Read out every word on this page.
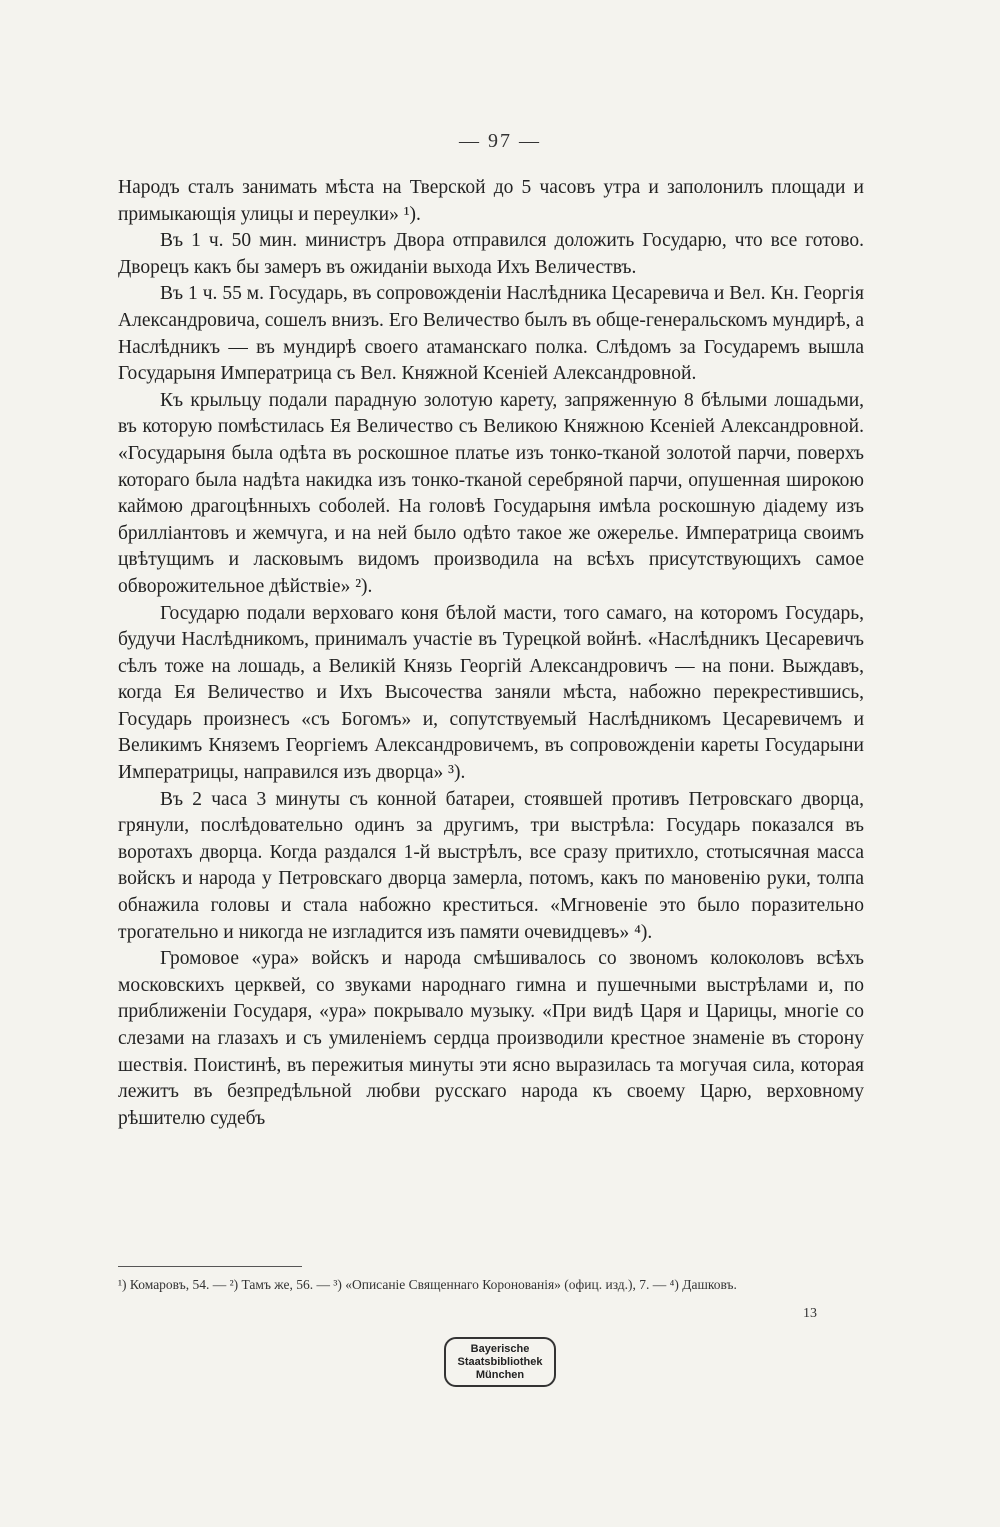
— 97 —

Народъ сталъ занимать мѣста на Тверской до 5 часовъ утра и заполонилъ площади и примыкающія улицы и переулки» ¹).

Въ 1 ч. 50 мин. министръ Двора отправился доложить Государю, что все готово. Дворецъ какъ бы замеръ въ ожиданіи выхода Ихъ Величествъ.

Въ 1 ч. 55 м. Государь, въ сопровожденіи Наслѣдника Цесаревича и Вел. Кн. Георгія Александровича, сошелъ внизъ. Его Величество былъ въ обще-генеральскомъ мундирѣ, а Наслѣдникъ — въ мундирѣ своего атаманскаго полка. Слѣдомъ за Государемъ вышла Государыня Императрица съ Вел. Княжной Ксеніей Александровной.

Къ крыльцу подали парадную золотую карету, запряженную 8 бѣлыми лошадьми, въ которую помѣстилась Ея Величество съ Великою Княжною Ксеніей Александровной. «Государыня была одѣта въ роскошное платье изъ тонко-тканой золотой парчи, поверхъ котораго была надѣта накидка изъ тонко-тканой серебряной парчи, опушенная широкою каймою драгоцѣнныхъ соболей. На головѣ Государыня имѣла роскошную діадему изъ брилліантовъ и жемчуга, и на ней было одѣто такое же ожерелье. Императрица своимъ цвѣтущимъ и ласковымъ видомъ производила на всѣхъ присутствующихъ самое обворожительное дѣйствіе» ²).

Государю подали верховаго коня бѣлой масти, того самаго, на которомъ Государь, будучи Наслѣдникомъ, принималъ участіе въ Турецкой войнѣ. «Наслѣдникъ Цесаревичъ сѣлъ тоже на лошадь, а Великій Князь Георгій Александровичъ — на пони. Выждавъ, когда Ея Величество и Ихъ Высочества заняли мѣста, набожно перекрестившись, Государь произнесъ «съ Богомъ» и, сопутствуемый Наслѣдникомъ Цесаревичемъ и Великимъ Княземъ Георгіемъ Александровичемъ, въ сопровожденіи кареты Государыни Императрицы, направился изъ дворца» ³).

Въ 2 часа 3 минуты съ конной батареи, стоявшей противъ Петровскаго дворца, грянули, послѣдовательно одинъ за другимъ, три выстрѣла: Государь показался въ воротахъ дворца. Когда раздался 1-й выстрѣлъ, все сразу притихло, стотысячная масса войскъ и народа у Петровскаго дворца замерла, потомъ, какъ по мановенію руки, толпа обнажила головы и стала набожно креститься. «Мгновеніе это было поразительно трогательно и никогда не изгладится изъ памяти очевидцевъ» ⁴).

Громовое «ура» войскъ и народа смѣшивалось со звономъ колоколовъ всѣхъ московскихъ церквей, со звуками народнаго гимна и пушечными выстрѣлами и, по приближеніи Государя, «ура» покрывало музыку. «При видѣ Царя и Царицы, многіе со слезами на глазахъ и съ умиленіемъ сердца производили крестное знаменіе въ сторону шествія. Поистинѣ, въ пережитыя минуты эти ясно выразилась та могучая сила, которая лежитъ въ безпредѣльной любви русскаго народа къ своему Царю, верховному рѣшителю судебъ

¹) Комаровъ, 54. — ²) Тамъ же, 56. — ³) «Описаніе Священнаго Коронованія» (офиц. изд.), 7. — ⁴) Дашковъ.
13
Bayerische
Staatsbibliothek
München
